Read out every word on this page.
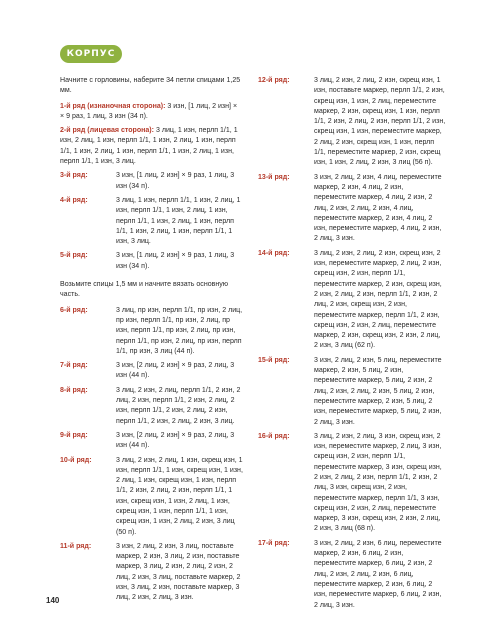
КОРПУС

Начните с горловины, наберите 34 петли спицами 1,25 мм.

1-й ряд (изнаночная сторона): 3 изн, [1 лиц, 2 изн] × × 9 раз, 1 лиц, 3 изн (34 п).
2-й ряд (лицевая сторона): 3 лиц, 1 изн, перлп 1/1, 1 изн, 2 лиц, 1 изн, перлп 1/1, 1 изн, 2 лиц, 1 изн, перлп 1/1, 1 изн, 2 лиц, 1 изн, перлп 1/1, 1 изн, 2 лиц, 1 изн, перлп 1/1, 1 изн, 3 лиц.
3-й ряд:	3 изн, [1 лиц, 2 изн] × 9 раз, 1 лиц, 3 изн (34 п).
4-й ряд:	3 лиц, 1 изн, перлп 1/1, 1 изн, 2 лиц, 1 изн, перлп 1/1, 1 изн, 2 лиц, 1 изн, перлп 1/1, 1 изн, 2 лиц, 1 изн, перлп 1/1, 1 изн, 2 лиц, 1 изн, перлп 1/1, 1 изн, 3 лиц.
5-й ряд:	3 изн, [1 лиц, 2 изн] × 9 раз, 1 лиц, 3 изн (34 п).

Возьмите спицы 1,5 мм и начните вязать основную часть.

6-й ряд:	3 лиц, пр изн, перлп 1/1, пр изн, 2 лиц, пр изн, перлп 1/1, пр изн, 2 лиц, пр изн, перлп 1/1, пр изн, 2 лиц, пр изн, перлп 1/1, пр изн, 2 лиц, пр изн, перлп 1/1, пр изн, 3 лиц (44 п).
7-й ряд:	3 изн, [2 лиц, 2 изн] × 9 раз, 2 лиц, 3 изн (44 п).
8-й ряд:	3 лиц, 2 изн, 2 лиц, перлп 1/1, 2 изн, 2 лиц, 2 изн, перлп 1/1, 2 изн, 2 лиц, 2 изн, перлп 1/1, 2 изн, 2 лиц, 2 изн, перлп 1/1, 2 изн, 2 лиц, 2 изн, 3 лиц.
9-й ряд:	3 изн, [2 лиц, 2 изн] × 9 раз, 2 лиц, 3 изн (44 п).
10-й ряд:	3 лиц, 2 изн, 2 лиц, 1 изн, скрещ изн, 1 изн, перлп 1/1, 1 изн, скрещ изн, 1 изн, 2 лиц, 1 изн, скрещ изн, 1 изн, перлп 1/1, 2 изн, 2 лиц, 2 изн, перлп 1/1, 1 изн, скрещ изн, 1 изн, 2 лиц, 1 изн, скрещ изн, 1 изн, перлп 1/1, 1 изн, скрещ изн, 1 изн, 2 лиц, 2 изн, 3 лиц (50 п).
11-й ряд:	3 изн, 2 лиц, 2 изн, 3 лиц, поставьте маркер, 2 изн, 3 лиц, 2 изн, поставьте маркер, 3 лиц, 2 изн, 2 лиц, 2 изн, 2 лиц, 2 изн, 3 лиц, поставьте маркер, 2 изн, 3 лиц, 2 изн, поставьте маркер, 3 лиц, 2 изн, 2 лиц, 3 изн.
12-й ряд:	3 лиц, 2 изн, 2 лиц, 2 изн, скрещ изн, 1 изн, поставьте маркер, перлп 1/1, 2 изн, скрещ изн, 1 изн, 2 лиц, переместите маркер, 2 изн, скрещ изн, 1 изн, перлп 1/1, 2 изн, 2 лиц, 2 изн, перлп 1/1, 2 изн, скрещ изн, 1 изн, переместите маркер, 2 лиц, 2 изн, скрещ изн, 1 изн, перлп 1/1, переместите маркер, 2 изн, скрещ изн, 1 изн, 2 лиц, 2 изн, 3 лиц (56 п).
13-й ряд:	3 изн, 2 лиц, 2 изн, 4 лиц, переместите маркер, 2 изн, 4 лиц, 2 изн, переместите маркер, 4 лиц, 2 изн, 2 лиц, 2 изн, 2 лиц, 2 изн, 4 лиц, переместите маркер, 2 изн, 4 лиц, 2 изн, переместите маркер, 4 лиц, 2 изн, 2 лиц, 3 изн.
14-й ряд:	3 лиц, 2 изн, 2 лиц, 2 изн, скрещ изн, 2 изн, переместите маркер, 2 лиц, 2 изн, скрещ изн, 2 изн, перлп 1/1, переместите маркер, 2 изн, скрещ изн, 2 изн, 2 лиц, 2 изн, перлп 1/1, 2 изн, 2 лиц, 2 изн, скрещ изн, 2 изн, переместите маркер, перлп 1/1, 2 изн, скрещ изн, 2 изн, 2 лиц, переместите маркер, 2 изн, скрещ изн, 2 изн, 2 лиц, 2 изн, 3 лиц (62 п).
15-й ряд:	3 изн, 2 лиц, 2 изн, 5 лиц, переместите маркер, 2 изн, 5 лиц, 2 изн, переместите маркер, 5 лиц, 2 изн, 2 лиц, 2 изн, 2 лиц, 2 изн, 5 лиц, 2 изн, переместите маркер, 2 изн, 5 лиц, 2 изн, переместите маркер, 5 лиц, 2 изн, 2 лиц, 3 изн.
16-й ряд:	3 лиц, 2 изн, 2 лиц, 3 изн, скрещ изн, 2 изн, переместите маркер, 2 лиц, 3 изн, скрещ изн, 2 изн, перлп 1/1, переместите маркер, 3 изн, скрещ изн, 2 изн, 2 лиц, 2 изн, перлп 1/1, 2 изн, 2 лиц, 3 изн, скрещ изн, 2 изн, переместите маркер, перлп 1/1, 3 изн, скрещ изн, 2 изн, 2 лиц, переместите маркер, 3 изн, скрещ изн, 2 изн, 2 лиц, 2 изн, 3 лиц (68 п).
17-й ряд:	3 изн, 2 лиц, 2 изн, 6 лиц, переместите маркер, 2 изн, 6 лиц, 2 изн, переместите маркер, 6 лиц, 2 изн, 2 лиц, 2 изн, 2 лиц, 2 изн, 6 лиц, переместите маркер, 2 изн, 6 лиц, 2 изн, переместите маркер, 6 лиц, 2 изн, 2 лиц, 3 изн.
140
